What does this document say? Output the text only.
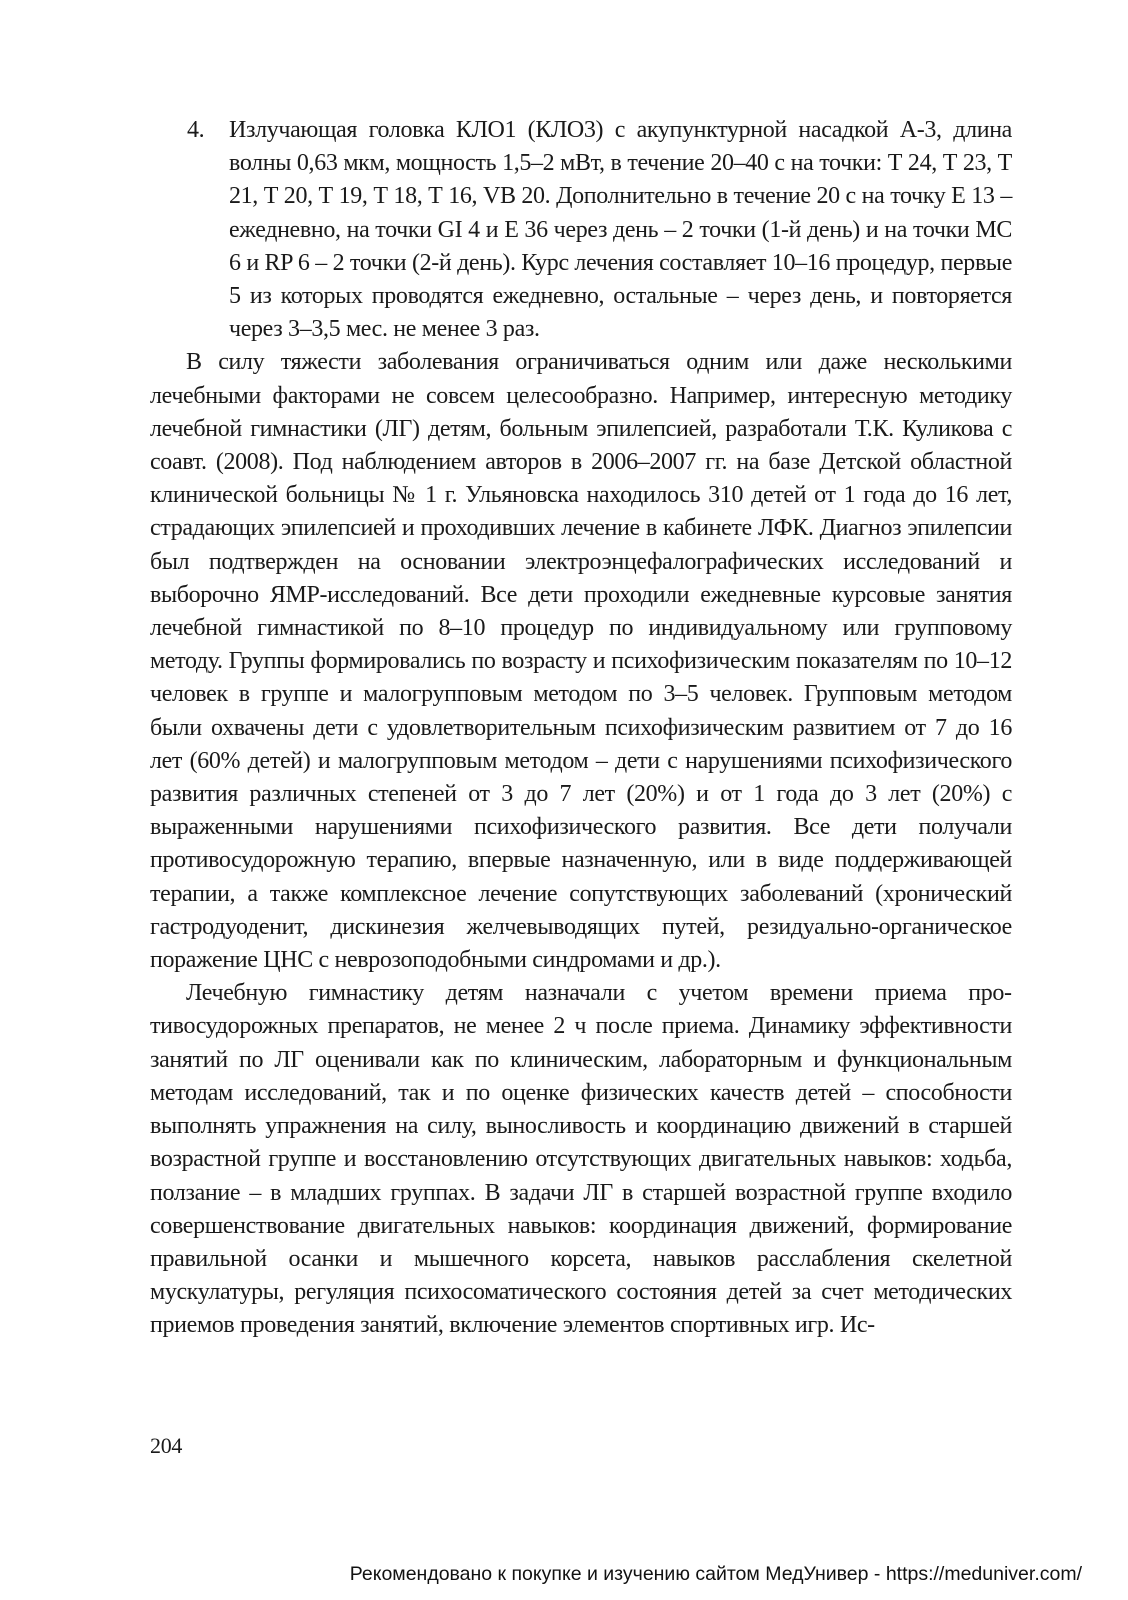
4. Излучающая головка КЛО1 (КЛО3) с акупунктурной насадкой А-3, длина волны 0,63 мкм, мощность 1,5–2 мВт, в течение 20–40 с на точки: Т 24, Т 23, Т 21, Т 20, Т 19, Т 18, Т 16, VB 20. Дополнительно в течение 20 с на точку Е 13 – ежедневно, на точки GI 4 и Е 36 через день – 2 точки (1-й день) и на точки МС 6 и RP 6 – 2 точки (2-й день). Курс лечения составляет 10–16 процедур, первые 5 из которых проводятся ежедневно, остальные – через день, и повторяется через 3–3,5 мес. не менее 3 раз.

В силу тяжести заболевания ограничиваться одним или даже несколькими лечебными факторами не совсем целесообразно. Например, интересную методику лечебной гимнастики (ЛГ) детям, больным эпилепсией, разработали Т.К. Куликова с соавт. (2008). Под наблюдением авторов в 2006–2007 гг. на базе Детской областной клинической больницы № 1 г. Ульяновска находилось 310 детей от 1 года до 16 лет, страдающих эпилепсией и проходивших лечение в кабинете ЛФК. Диагноз эпилепсии был подтвержден на основании электроэнцефалографических исследований и выборочно ЯМР-исследований. Все дети проходили ежедневные курсовые занятия лечебной гимнастикой по 8–10 процедур по индивидуальному или групповому методу. Группы формировались по возрасту и психофизическим показателям по 10–12 человек в группе и малогрупповым методом по 3–5 человек. Групповым методом были охвачены дети с удовлетворительным психофизическим развитием от 7 до 16 лет (60% детей) и малогрупповым методом – дети с нарушениями психофизического развития различных степеней от 3 до 7 лет (20%) и от 1 года до 3 лет (20%) с выраженными нарушениями психофизического развития. Все дети получали противосудорожную терапию, впервые назначенную, или в виде поддерживающей терапии, а также комплексное лечение сопутствующих заболеваний (хронический гастродуоденит, дискинезия желчевыводящих путей, резидуально-органическое поражение ЦНС с неврозоподобными синдромами и др.).

Лечебную гимнастику детям назначали с учетом времени приема противосудорожных препаратов, не менее 2 ч после приема. Динамику эффективности занятий по ЛГ оценивали как по клиническим, лабораторным и функциональным методам исследований, так и по оценке физических качеств детей – способности выполнять упражнения на силу, выносливость и координацию движений в старшей возрастной группе и восстановлению отсутствующих двигательных навыков: ходьба, ползание – в младших группах. В задачи ЛГ в старшей возрастной группе входило совершенствование двигательных навыков: координация движений, формирование правильной осанки и мышечного корсета, навыков расслабления скелетной мускулатуры, регуляция психосоматического состояния детей за счет методических приемов проведения занятий, включение элементов спортивных игр. Ис-

204
Рекомендовано к покупке и изучению сайтом МедУнивер - https://meduniver.com/
